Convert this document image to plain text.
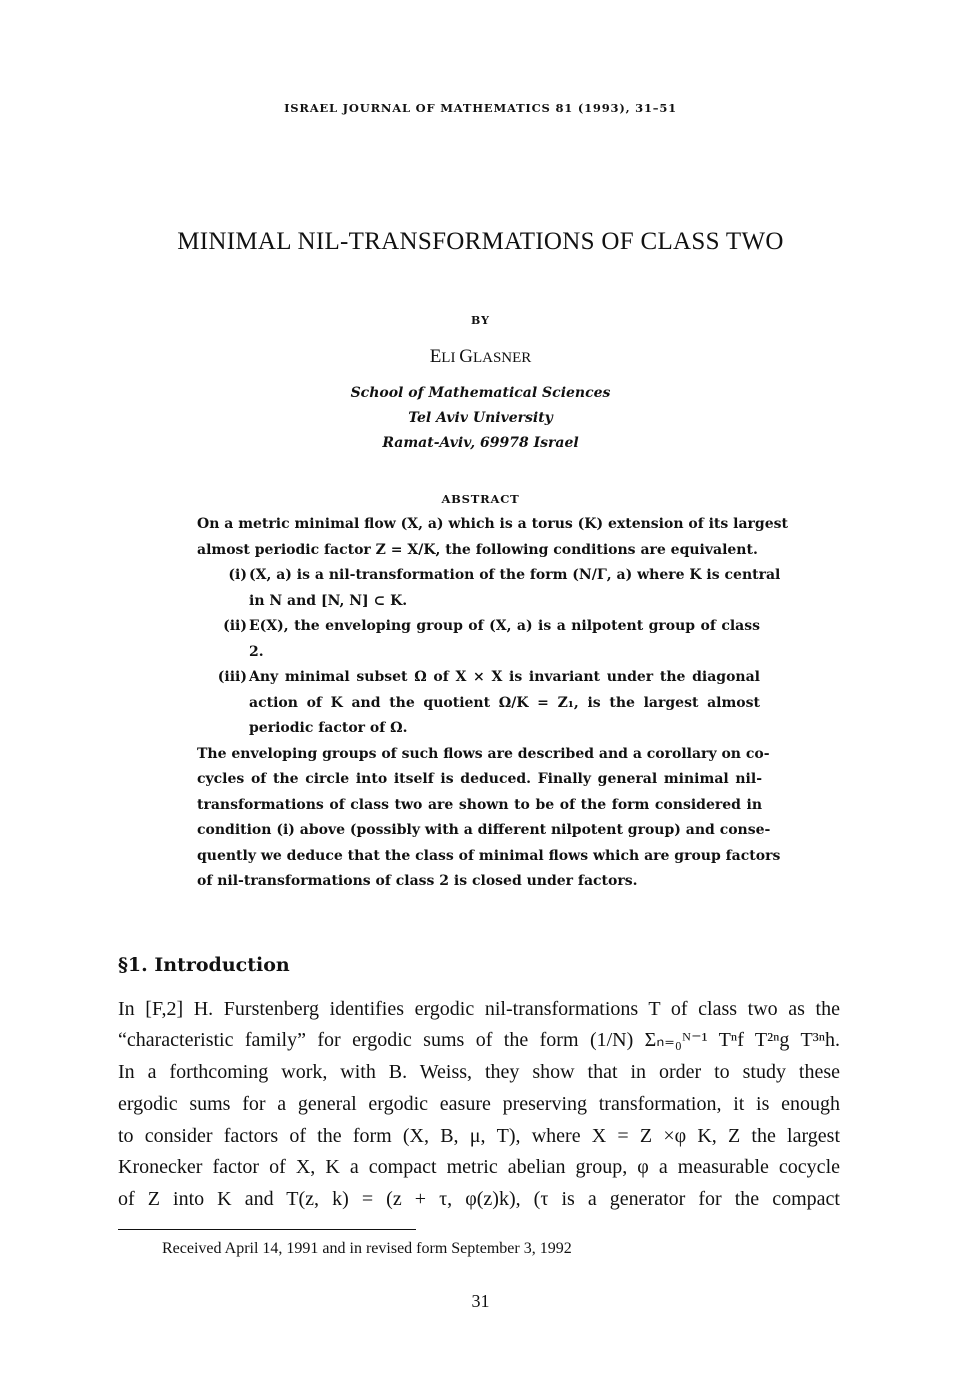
ISRAEL JOURNAL OF MATHEMATICS 81 (1993), 31–51
MINIMAL NIL-TRANSFORMATIONS OF CLASS TWO
BY
ELI GLASNER
School of Mathematical Sciences
Tel Aviv University
Ramat-Aviv, 69978 Israel
ABSTRACT
On a metric minimal flow (X, a) which is a torus (K) extension of its largest
almost periodic factor Z = X/K, the following conditions are equivalent.
(i) (X, a) is a nil-transformation of the form (N/Γ, a) where K is central
in N and [N, N] ⊂ K.
(ii) E(X), the enveloping group of (X, a) is a nilpotent group of class
2.
(iii) Any minimal subset Ω of X × X is invariant under the diagonal
action of K and the quotient Ω/K = Z₁, is the largest almost
periodic factor of Ω.
The enveloping groups of such flows are described and a corollary on co-
cycles of the circle into itself is deduced. Finally general minimal nil-
transformations of class two are shown to be of the form considered in
condition (i) above (possibly with a different nilpotent group) and conse-
quently we deduce that the class of minimal flows which are group factors
of nil-transformations of class 2 is closed under factors.
§1. Introduction
In [F,2] H. Furstenberg identifies ergodic nil-transformations T of class two as the
“characteristic family” for ergodic sums of the form (1/N) Σₙ₌₀ᴺ⁻¹ Tⁿf T²ⁿg T³ⁿh.
In a forthcoming work, with B. Weiss, they show that in order to study these
ergodic sums for a general ergodic easure preserving transformation, it is enough
to consider factors of the form (X, B, μ, T), where X = Z ×φ K, Z the largest
Kronecker factor of X, K a compact metric abelian group, φ a measurable cocycle
of Z into K and T(z, k) = (z + τ, φ(z)k), (τ is a generator for the compact
Received April 14, 1991 and in revised form September 3, 1992
31
